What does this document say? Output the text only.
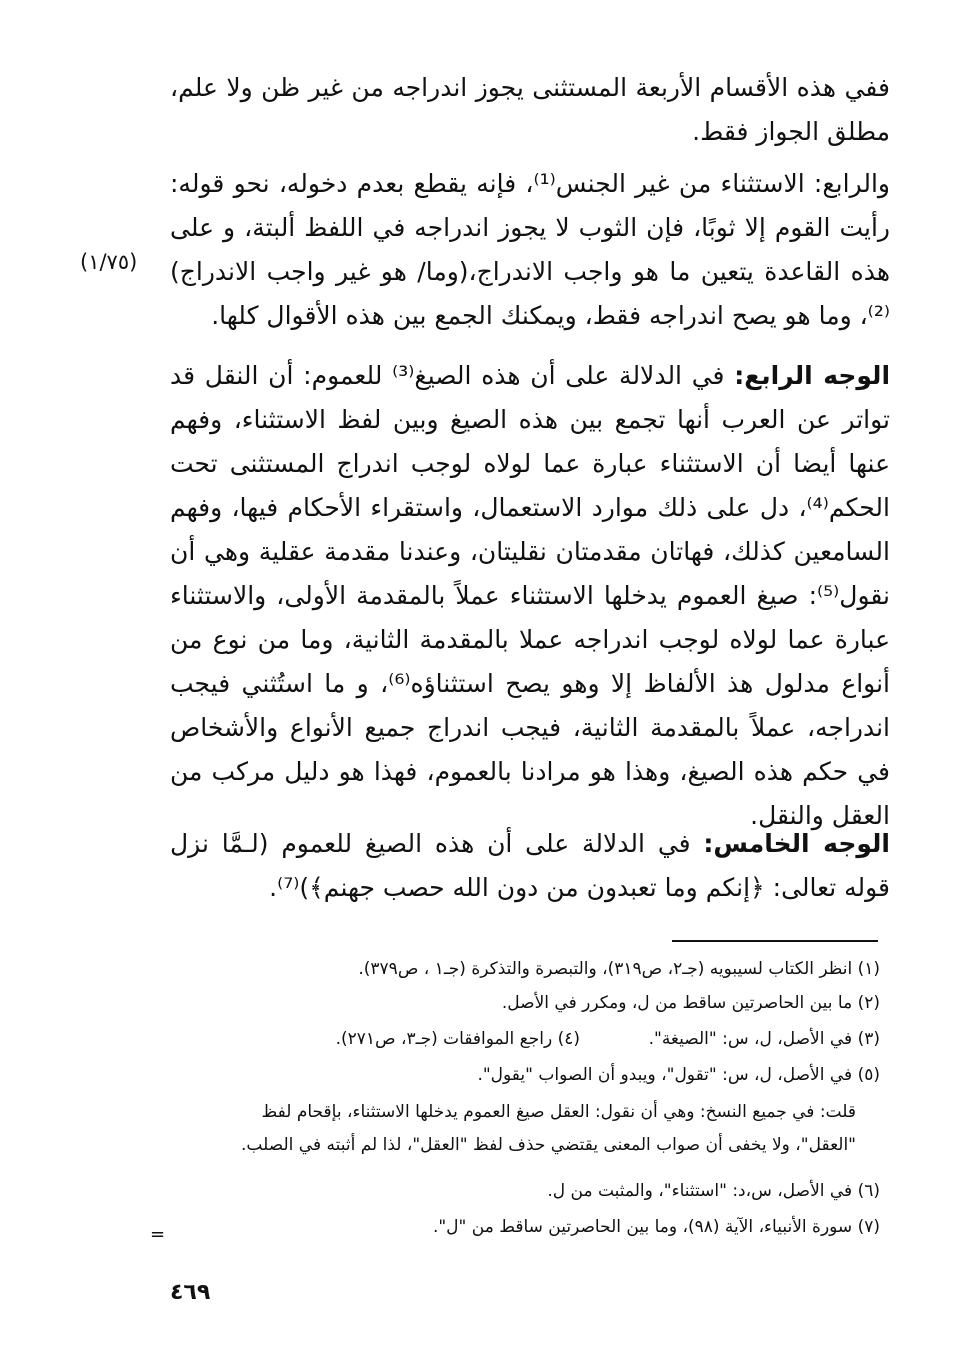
ففي هذه الأقسام الأربعة المستثنى يجوز اندراجه من غير ظن ولا علم، مطلق الجواز فقط.
والرابع: الاستثناء من غير الجنس⁽¹⁾، فإنه يقطع بعدم دخوله، نحو قوله: رأيت القوم إلا ثوبًا، فإن الثوب لا يجوز اندراجه في اللفظ ألبتة، و على هذه القاعدة يتعين ما هو واجب الاندراج،(وما/ هو غير واجب الاندراج)⁽²⁾، وما هو يصح اندراجه فقط، ويمكنك الجمع بين هذه الأقوال كلها.
(١/٧٥)
الوجه الرابع: في الدلالة على أن هذه الصيغ⁽³⁾ للعموم: أن النقل قد تواتر عن العرب أنها تجمع بين هذه الصيغ وبين لفظ الاستثناء، وفهم عنها أيضا أن الاستثناء عبارة عما لولاه لوجب اندراج المستثنى تحت الحكم⁽⁴⁾، دل على ذلك موارد الاستعمال، واستقراء الأحكام فيها، وفهم السامعين كذلك، فهاتان مقدمتان نقليتان، وعندنا مقدمة عقلية وهي أن نقول⁽⁵⁾: صيغ العموم يدخلها الاستثناء عملاً بالمقدمة الأولى، والاستثناء عبارة عما لولاه لوجب اندراجه عملا بالمقدمة الثانية، وما من نوع من أنواع مدلول هذ الألفاظ إلا وهو يصح استثناؤه⁽⁶⁾، و ما استُثني فيجب اندراجه، عملاً بالمقدمة الثانية، فيجب اندراج جميع الأنواع والأشخاص في حكم هذه الصيغ، وهذا هو مرادنا بالعموم، فهذا هو دليل مركب من العقل والنقل.
الوجه الخامس: في الدلالة على أن هذه الصيغ للعموم (لـمَّا نزل قوله تعالى: ﴿إنكم وما تعبدون من دون الله حصب جهنم﴾)⁽⁷⁾.
(١) انظر الكتاب لسيبويه (جـ٢، ص٣١٩)، والتبصرة والتذكرة (جـ١ ، ص٣٧٩).
(٢) ما بين الحاصرتين ساقط من ل، ومكرر في الأصل.
(٣) في الأصل، ل، س: "الصيغة".(٤) راجع الموافقات (جـ٣، ص٢٧١).
(٥) في الأصل، ل، س: "تقول"، ويبدو أن الصواب "يقول".
قلت: في جميع النسخ: وهي أن نقول: العقل صيغ العموم يدخلها الاستثناء، بإقحام لفظ
"العقل"، ولا يخفى أن صواب المعنى يقتضي حذف لفظ "العقل"، لذا لم أثبته في الصلب.
(٦) في الأصل، س،د: "استثناء"، والمثبت من ل.
(٧) سورة الأنبياء، الآية (٩٨)، وما بين الحاصرتين ساقط من "ل".
=
٤٦٩
